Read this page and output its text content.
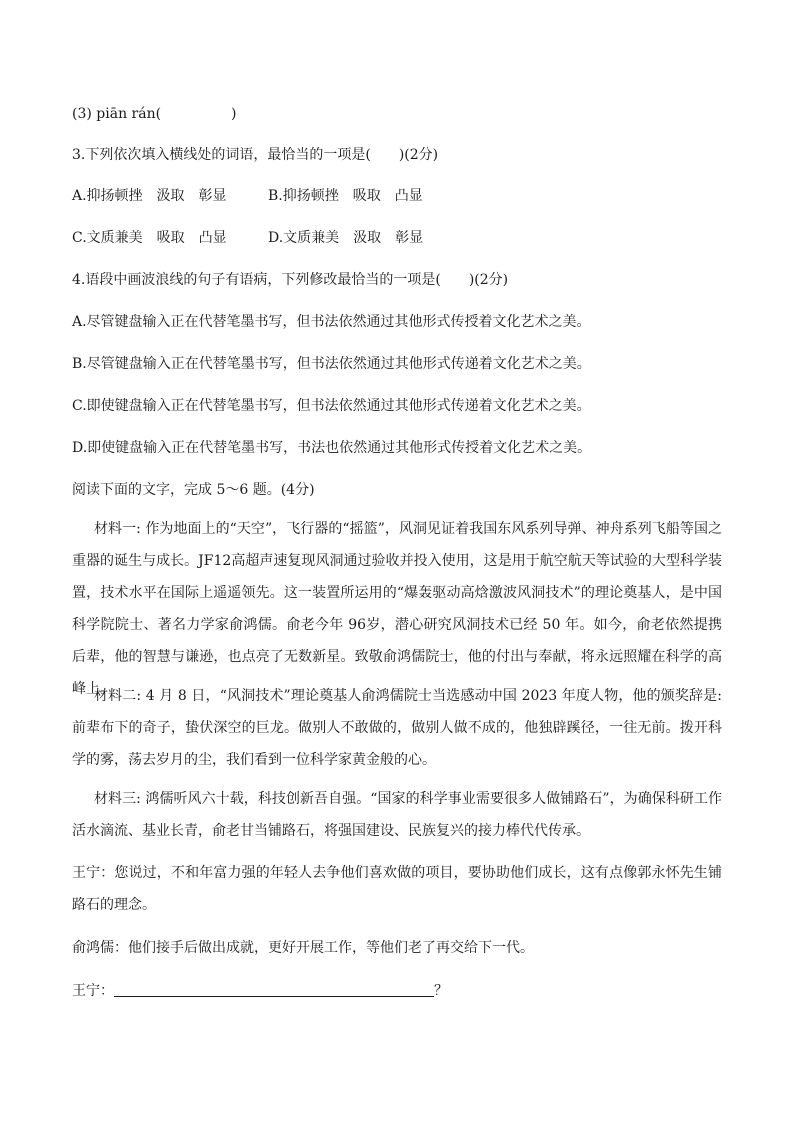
(3) piān rán(　　　　　)
3.下列依次填入横线处的词语，最恰当的一项是(　　)(2分)
A.抑扬顿挫　汲取　彰显	B.抑扬顿挫　吸取　凸显
C.文质兼美　吸取　凸显	D.文质兼美　汲取　彰显
4.语段中画波浪线的句子有语病，下列修改最恰当的一项是(　　)(2分)
A.尽管键盘输入正在代替笔墨书写，但书法依然通过其他形式传授着文化艺术之美。
B.尽管键盘输入正在代替笔墨书写，但书法依然通过其他形式传递着文化艺术之美。
C.即使键盘输入正在代替笔墨书写，但书法依然通过其他形式传递着文化艺术之美。
D.即使键盘输入正在代替笔墨书写，书法也依然通过其他形式传授着文化艺术之美。
阅读下面的文字，完成 5～6 题。(4分)
材料一: 作为地面上的“天空”，飞行器的“摇篮”，风洞见证着我国东风系列导弹、神舟系列飞船等国之重器的诞生与成长。JF12高超声速复现风洞通过验收并投入使用，这是用于航空航天等试验的大型科学装置，技术水平在国际上遥遥领先。这一装置所运用的“爆轰驱动高焓激波风洞技术”的理论奠基人，是中国科学院院士、著名力学家俞鸿儒。俞老今年 96岁，潜心研究风洞技术已经 50 年。如今，俞老依然提携后辈，他的智慧与谦逊，也点亮了无数新星。致敬俞鸿儒院士，他的付出与奉献，将永远照耀在科学的高峰上。
材料二: 4 月 8 日，“风洞技术”理论奠基人俞鸿儒院士当选感动中国 2023 年度人物，他的颁奖辞是: 前辈布下的奇子，蛰伏深空的巨龙。做别人不敢做的，做别人做不成的，他独辟蹊径，一往无前。拨开科学的雾，荡去岁月的尘，我们看到一位科学家黄金般的心。
材料三: 鸿儒听风六十载，科技创新吾自强。“国家的科学事业需要很多人做铺路石”，为确保科研工作活水滴流、基业长青，俞老甘当铺路石，将强国建设、民族复兴的接力棒代代传承。
王宁：您说过，不和年富力强的年轻人去争他们喜欢做的项目，要协助他们成长，这有点像郭永怀先生铺路石的理念。
俞鸿儒：他们接手后做出成就，更好开展工作，等他们老了再交给下一代。
王宁：	？
